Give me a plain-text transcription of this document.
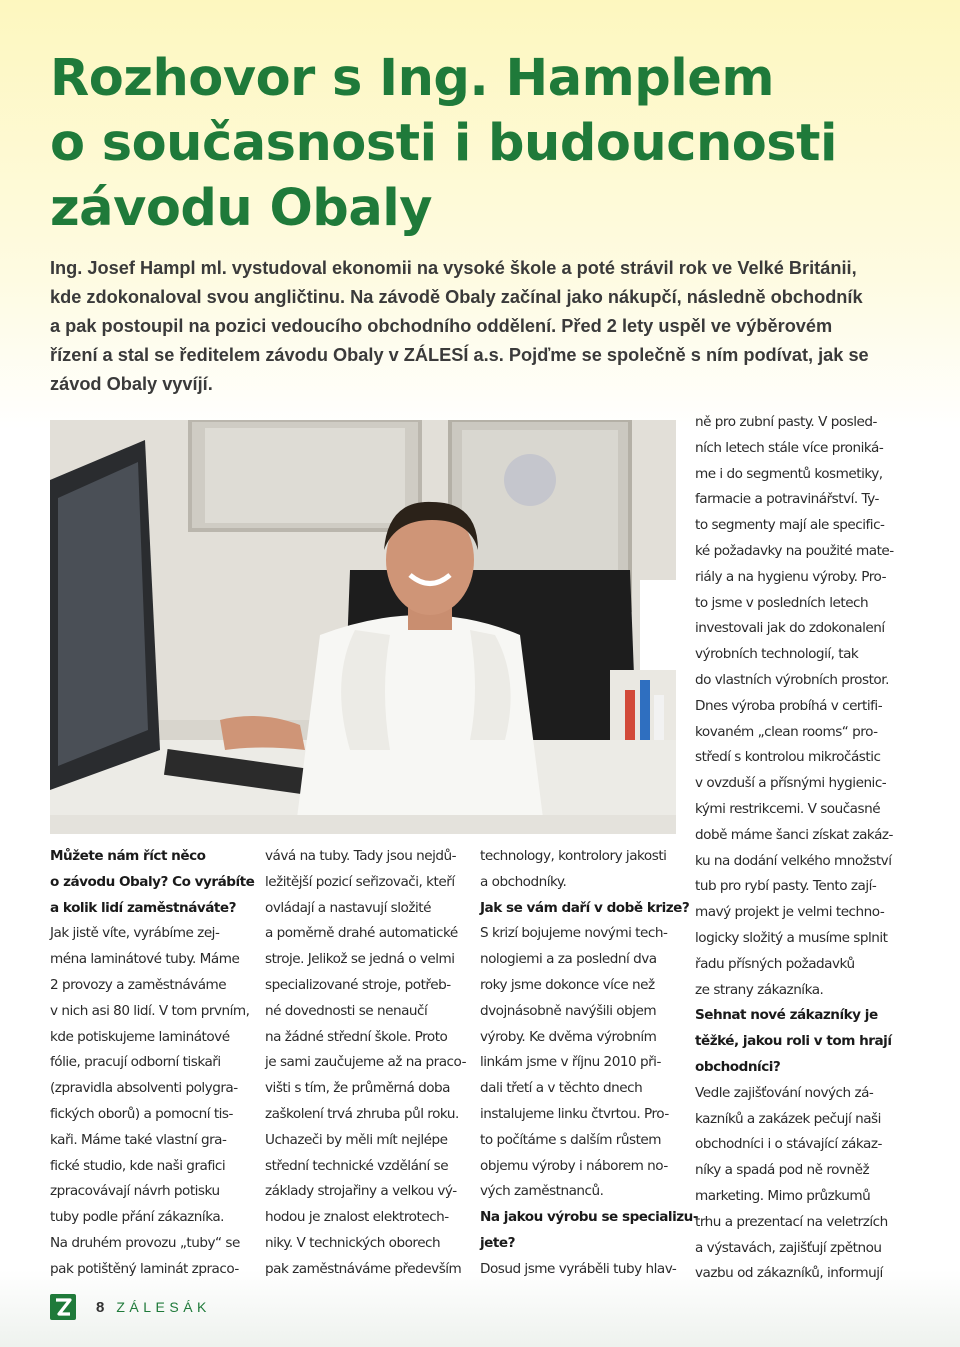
Rozhovor s Ing. Hamplem
o současnosti i budoucnosti
závodu Obaly
Ing. Josef Hampl ml. vystudoval ekonomii na vysoké škole a poté strávil rok ve Velké Británii,
kde zdokonaloval svou angličtinu. Na závodě Obaly začínal jako nákupčí, následně obchodník
a pak postoupil na pozici vedoucího obchodního oddělení. Před 2 lety uspěl ve výběrovém
řízení a stal se ředitelem závodu Obaly v ZÁLESÍ a.s. Pojďme se společně s ním podívat, jak se
závod Obaly vyvíjí.
Můžete nám říct něco
o závodu Obaly? Co vyrábíte
a kolik lidí zaměstnáváte?
Jak jistě víte, vyrábíme zej-
ména laminátové tuby. Máme
2 provozy a zaměstnáváme
v nich asi 80 lidí. V tom prvním,
kde potiskujeme laminátové
fólie, pracují odborní tiskaři
(zpravidla absolventi polygra-
fických oborů) a pomocní tis-
kaři. Máme také vlastní gra-
fické studio, kde naši grafici
zpracovávají návrh potisku
tuby podle přání zákazníka.
Na druhém provozu „tuby“ se
pak potištěný laminát zpraco-
vává na tuby. Tady jsou nejdů-
ležitější pozicí seřizovači, kteří
ovládají a nastavují složité
a poměrně drahé automatické
stroje. Jelikož se jedná o velmi
specializované stroje, potřeb-
né dovednosti se nenaučí
na žádné střední škole. Proto
je sami zaučujeme až na praco-
višti s tím, že průměrná doba
zaškolení trvá zhruba půl roku.
Uchazeči by měli mít nejlépe
střední technické vzdělání se
základy strojařiny a velkou vý-
hodou je znalost elektrotech-
niky. V technických oborech
pak zaměstnáváme především
technology, kontrolory jakosti
a obchodníky.
Jak se vám daří v době krize?
S krizí bojujeme novými tech-
nologiemi a za poslední dva
roky jsme dokonce více než
dvojnásobně navýšili objem
výroby. Ke dvěma výrobním
linkám jsme v říjnu 2010 při-
dali třetí a v těchto dnech
instalujeme linku čtvrtou. Pro-
to počítáme s dalším růstem
objemu výroby i náborem no-
vých zaměstnanců.
Na jakou výrobu se specializu-
jete?
Dosud jsme vyráběli tuby hlav-
ně pro zubní pasty. V posled-
ních letech stále více proniká-
me i do segmentů kosmetiky,
farmacie a potravinářství. Ty-
to segmenty mají ale specific-
ké požadavky na použité mate-
riály a na hygienu výroby. Pro-
to jsme v posledních letech
investovali jak do zdokonalení
výrobních technologií, tak
do vlastních výrobních prostor.
Dnes výroba probíhá v certifi-
kovaném „clean rooms“ pro-
středí s kontrolou mikročástic
v ovzduší a přísnými hygienic-
kými restrikcemi. V současné
době máme šanci získat zakáz-
ku na dodání velkého množství
tub pro rybí pasty. Tento zají-
mavý projekt je velmi techno-
logicky složitý a musíme splnit
řadu přísných požadavků
ze strany zákazníka.
Sehnat nové zákazníky je
těžké, jakou roli v tom hrají
obchodníci?
Vedle zajišťování nových zá-
kazníků a zakázek pečují naši
obchodníci i o stávající zákaz-
níky a spadá pod ně rovněž
marketing. Mimo průzkumů
trhu a prezentací na veletrzích
a výstavách, zajišťují zpětnou
vazbu od zákazníků, informují
8 ZÁLESÁK
